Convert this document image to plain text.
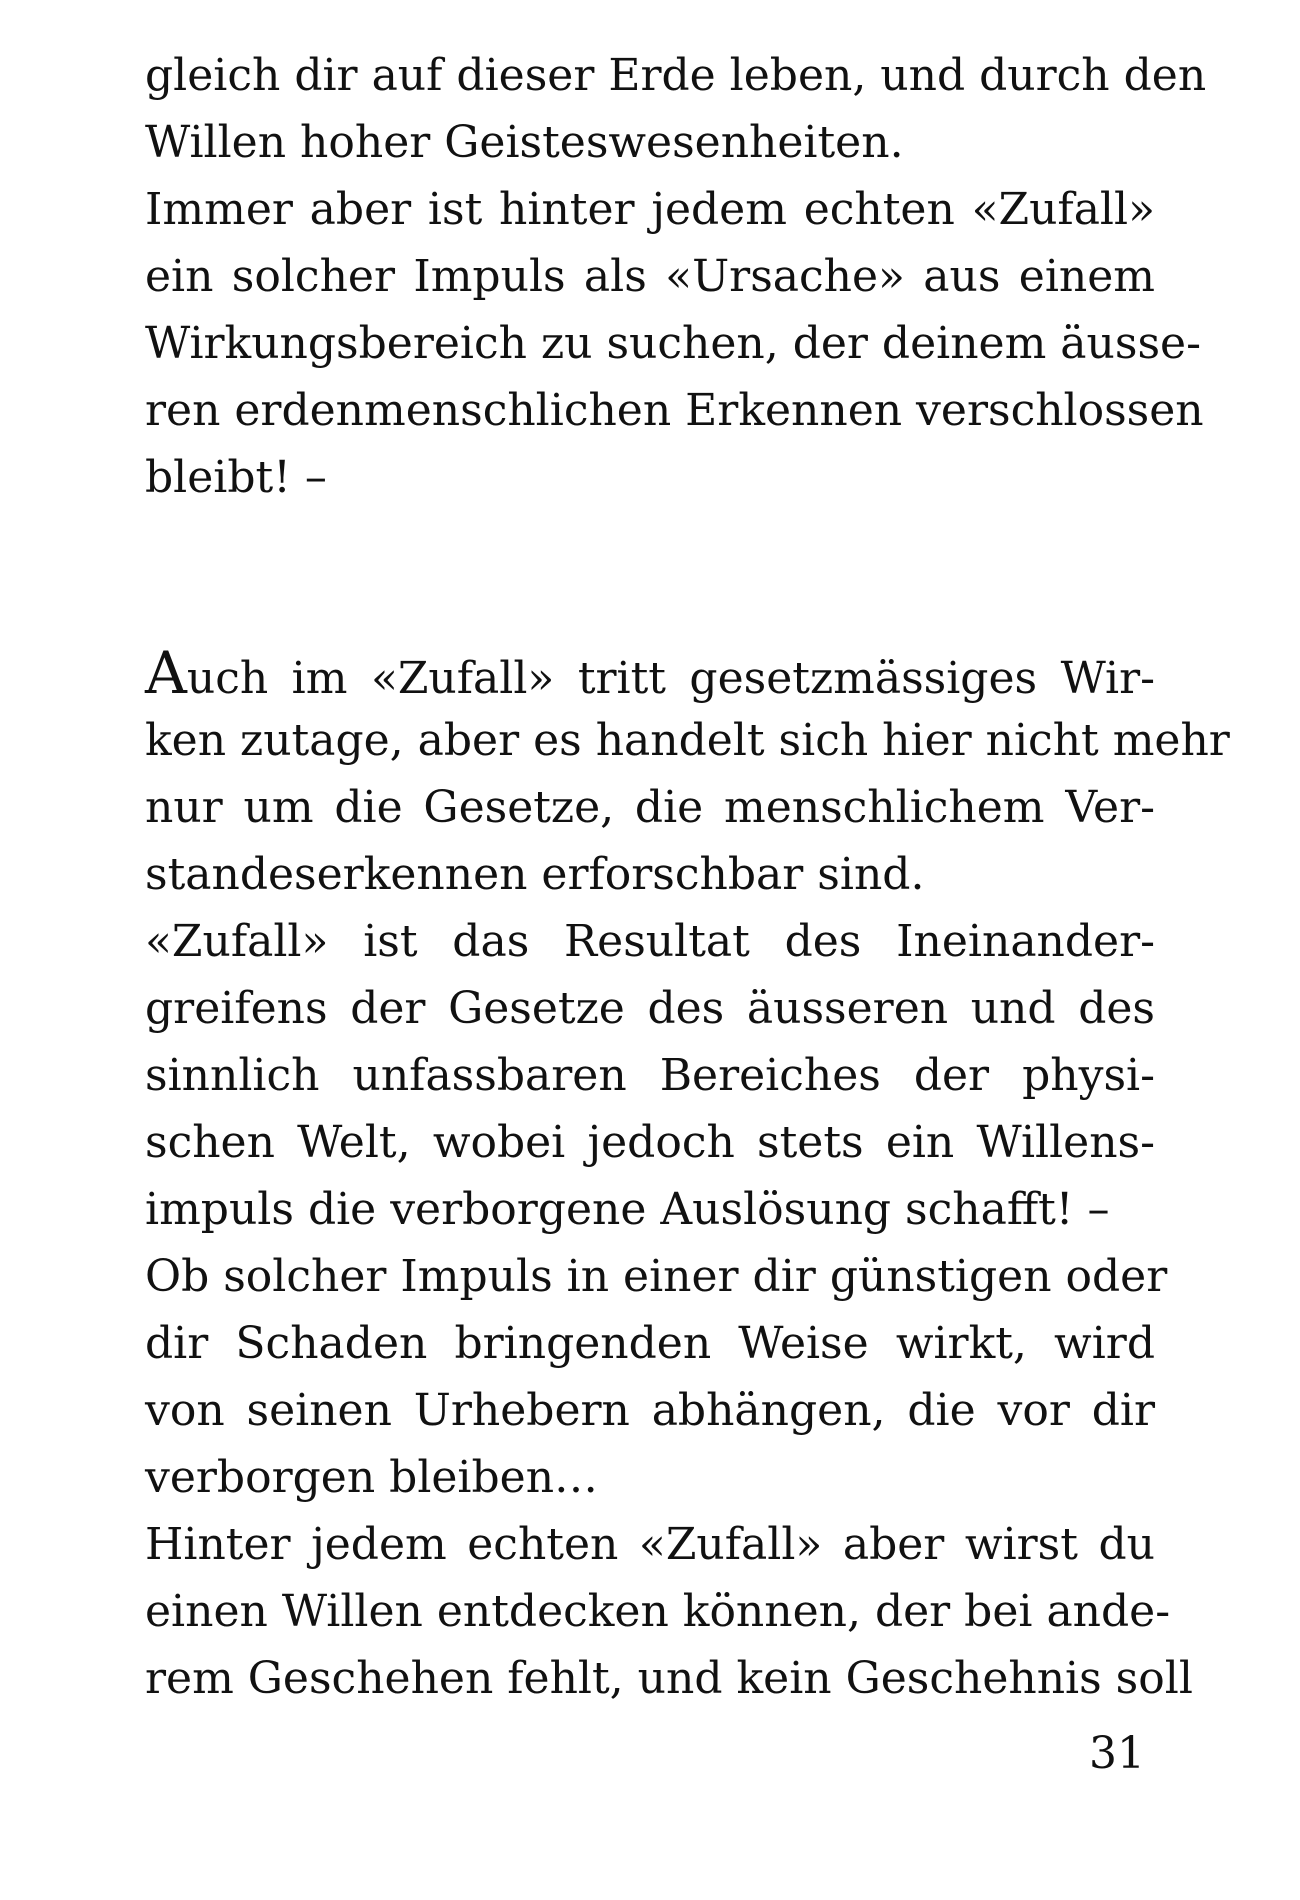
gleich dir auf dieser Erde leben, und durch den
Willen hoher Geisteswesenheiten.
Immer aber ist hinter jedem echten «Zufall»
ein solcher Impuls als «Ursache» aus einem
Wirkungsbereich zu suchen, der deinem äusse-
ren erdenmenschlichen Erkennen verschlossen
bleibt! –
Auch im «Zufall» tritt gesetzmässiges Wir-
ken zutage, aber es handelt sich hier nicht mehr
nur um die Gesetze, die menschlichem Ver-
standeserkennen erforschbar sind.
«Zufall» ist das Resultat des Ineinander-
greifens der Gesetze des äusseren und des
sinnlich unfassbaren Bereiches der physi-
schen Welt, wobei jedoch stets ein Willens-
impuls die verborgene Auslösung schafft! –
Ob solcher Impuls in einer dir günstigen oder
dir Schaden bringenden Weise wirkt, wird
von seinen Urhebern abhängen, die vor dir
verborgen bleiben…
Hinter jedem echten «Zufall» aber wirst du
einen Willen entdecken können, der bei ande-
rem Geschehen fehlt, und kein Geschehnis soll
31
